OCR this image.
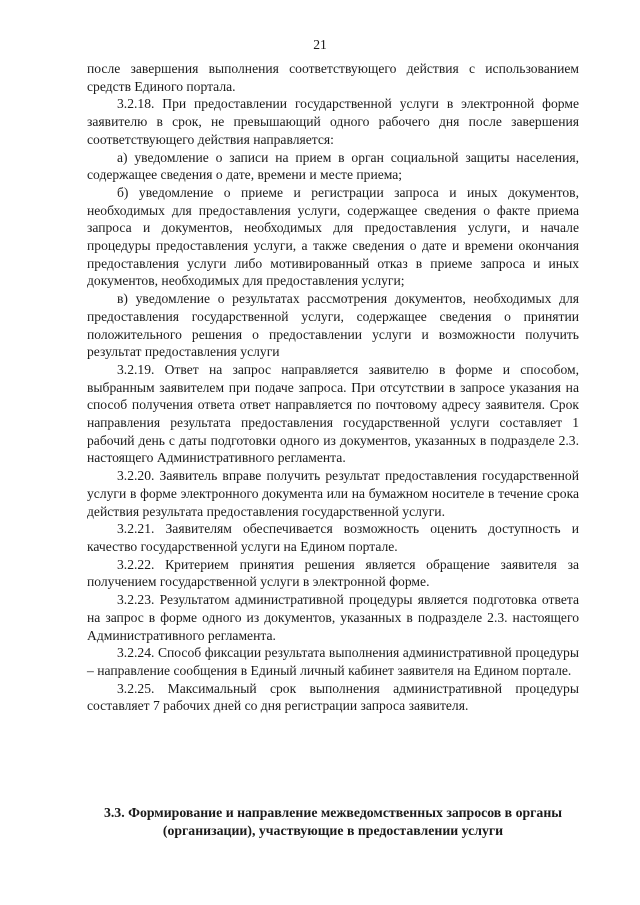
21

после завершения выполнения соответствующего действия с использованием средств Единого портала.

3.2.18. При предоставлении государственной услуги в электронной форме заявителю в срок, не превышающий одного рабочего дня после завершения соответствующего действия направляется:

а) уведомление о записи на прием в орган социальной защиты населения, содержащее сведения о дате, времени и месте приема;

б) уведомление о приеме и регистрации запроса и иных документов, необходимых для предоставления услуги, содержащее сведения о факте приема запроса и документов, необходимых для предоставления услуги, и начале процедуры предоставления услуги, а также сведения о дате и времени окончания предоставления услуги либо мотивированный отказ в приеме запроса и иных документов, необходимых для предоставления услуги;

в) уведомление о результатах рассмотрения документов, необходимых для предоставления государственной услуги, содержащее сведения о принятии положительного решения о предоставлении услуги и возможности получить результат предоставления услуги

3.2.19. Ответ на запрос направляется заявителю в форме и способом, выбранным заявителем при подаче запроса. При отсутствии в запросе указания на способ получения ответа ответ направляется по почтовому адресу заявителя. Срок направления результата предоставления государственной услуги составляет 1 рабочий день с даты подготовки одного из документов, указанных в подразделе 2.3. настоящего Административного регламента.

3.2.20. Заявитель вправе получить результат предоставления государственной услуги в форме электронного документа или на бумажном носителе в течение срока действия результата предоставления государственной услуги.

3.2.21. Заявителям обеспечивается возможность оценить доступность и качество государственной услуги на Едином портале.

3.2.22. Критерием принятия решения является обращение заявителя за получением государственной услуги в электронной форме.

3.2.23. Результатом административной процедуры является подготовка ответа на запрос в форме одного из документов, указанных в подразделе 2.3. настоящего Административного регламента.

3.2.24. Способ фиксации результата выполнения административной процедуры – направление сообщения в Единый личный кабинет заявителя на Едином портале.

3.2.25. Максимальный срок выполнения административной процедуры составляет 7 рабочих дней со дня регистрации запроса заявителя.

3.3. Формирование и направление межведомственных запросов в органы (организации), участвующие в предоставлении услуги
